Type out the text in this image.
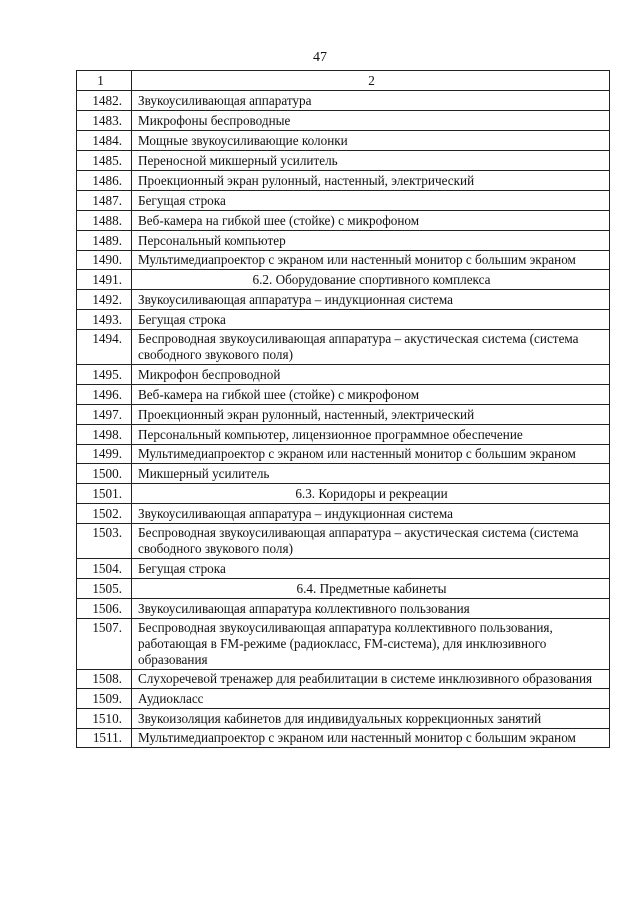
47
1	2
1482.	Звукоусиливающая аппаратура
1483.	Микрофоны беспроводные
1484.	Мощные звукоусиливающие колонки
1485.	Переносной микшерный усилитель
1486.	Проекционный экран рулонный, настенный, электрический
1487.	Бегущая строка
1488.	Веб-камера на гибкой шее (стойке) с микрофоном
1489.	Персональный компьютер
1490.	Мультимедиапроектор с экраном или настенный монитор с большим экраном
1491.	6.2. Оборудование спортивного комплекса
1492.	Звукоусиливающая аппаратура – индукционная система
1493.	Бегущая строка
1494.	Беспроводная звукоусиливающая аппаратура – акустическая система (система свободного звукового поля)
1495.	Микрофон беспроводной
1496.	Веб-камера на гибкой шее (стойке) с микрофоном
1497.	Проекционный экран рулонный, настенный, электрический
1498.	Персональный компьютер, лицензионное программное обеспечение
1499.	Мультимедиапроектор с экраном или настенный монитор с большим экраном
1500.	Микшерный усилитель
1501.	6.3. Коридоры и рекреации
1502.	Звукоусиливающая аппаратура – индукционная система
1503.	Беспроводная звукоусиливающая аппаратура – акустическая система (система свободного звукового поля)
1504.	Бегущая строка
1505.	6.4. Предметные кабинеты
1506.	Звукоусиливающая аппаратура коллективного пользования
1507.	Беспроводная звукоусиливающая аппаратура коллективного пользования, работающая в FM-режиме (радиокласс, FM-система), для инклюзивного образования
1508.	Слухоречевой тренажер для реабилитации в системе инклюзивного образования
1509.	Аудиокласс
1510.	Звукоизоляция кабинетов для индивидуальных коррекционных занятий
1511.	Мультимедиапроектор с экраном или настенный монитор с большим экраном
